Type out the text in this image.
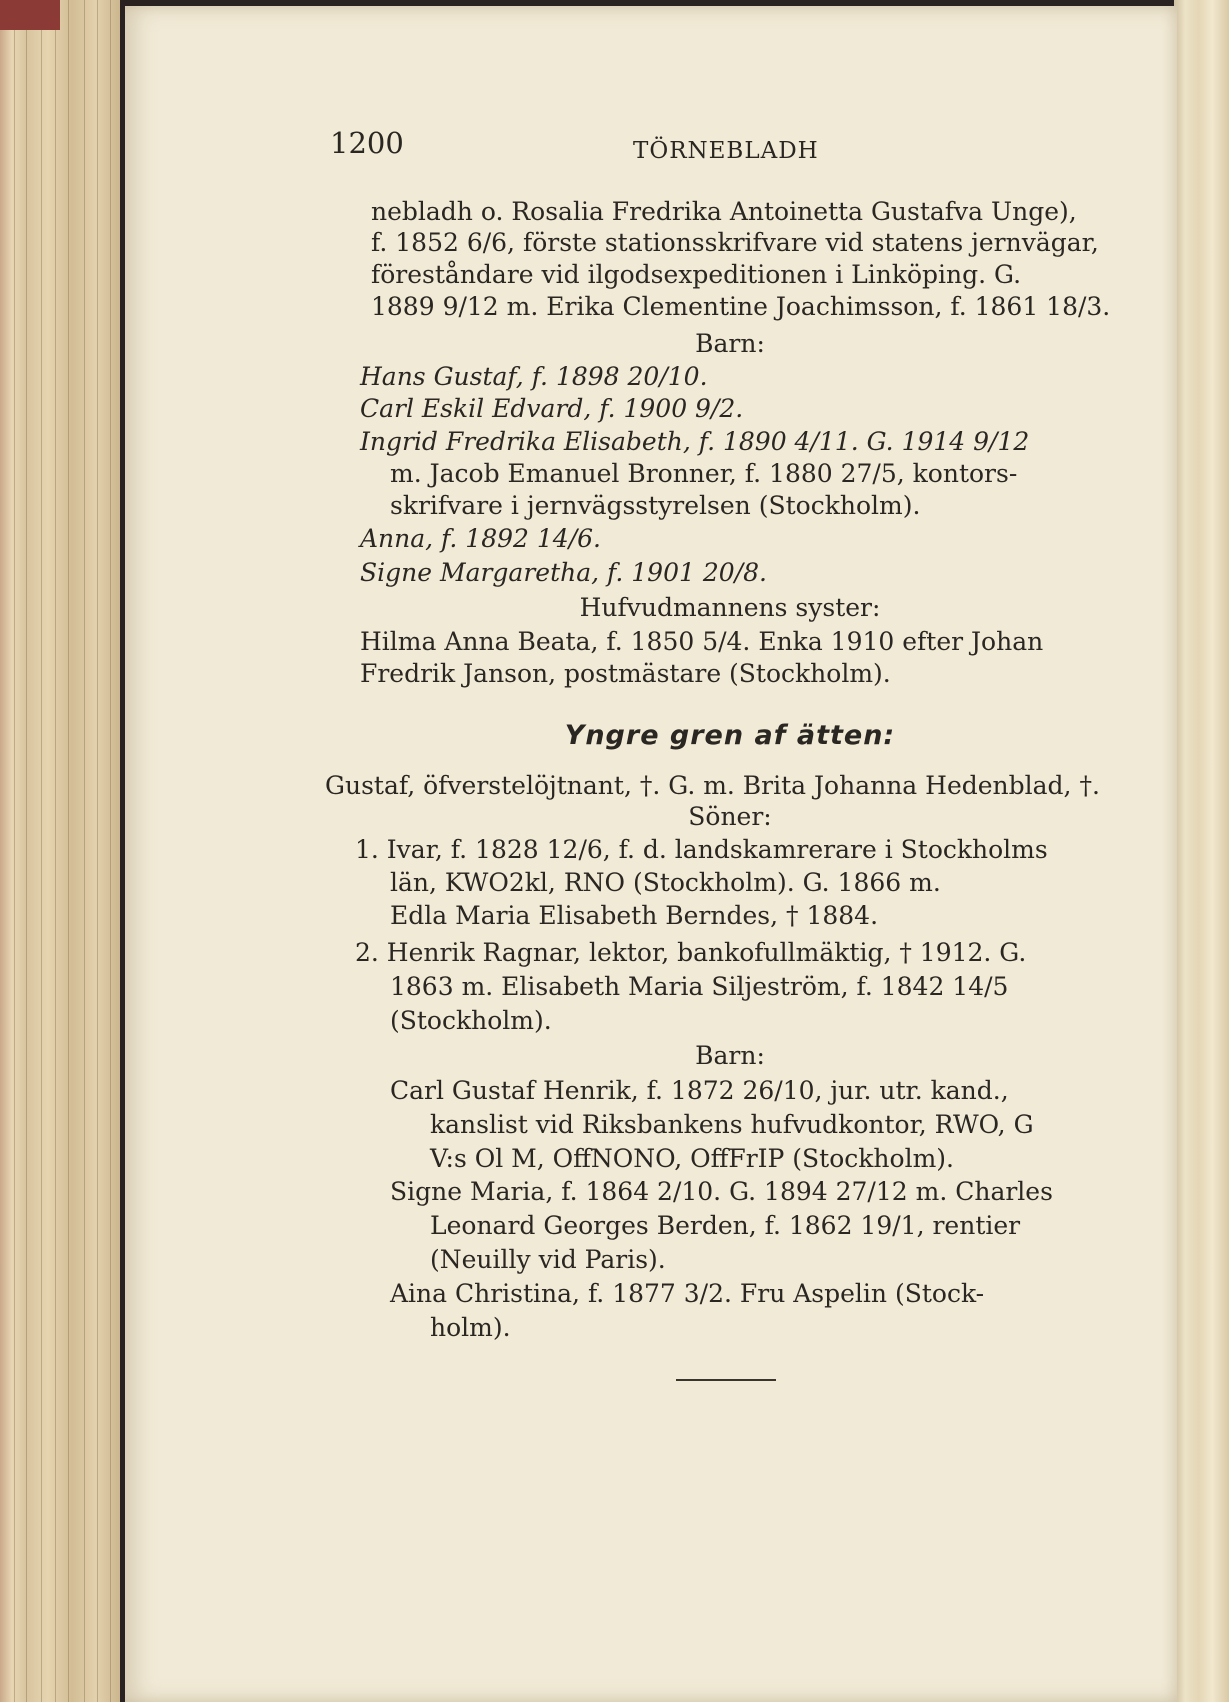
1200	TÖRNEBLADH
nebladh o. Rosalia Fredrika Antoinetta Gustafva Unge),
f. 1852 6/6, förste stationsskrifvare vid statens jernvägar,
föreståndare vid ilgodsexpeditionen i Linköping. G.
1889 9/12 m. Erika Clementine Joachimsson, f. 1861 18/3.
Barn:
Hans Gustaf, f. 1898 20/10.
Carl Eskil Edvard, f. 1900 9/2.
Ingrid Fredrika Elisabeth, f. 1890 4/11. G. 1914 9/12
m. Jacob Emanuel Bronner, f. 1880 27/5, kontors-
skrifvare i jernvägsstyrelsen (Stockholm).
Anna, f. 1892 14/6.
Signe Margaretha, f. 1901 20/8.
Hufvudmannens syster:
Hilma Anna Beata, f. 1850 5/4. Enka 1910 efter Johan
Fredrik Janson, postmästare (Stockholm).
Yngre gren af ätten:
Gustaf, öfverstelöjtnant, †. G. m. Brita Johanna Hedenblad, †.
Söner:
1. Ivar, f. 1828 12/6, f. d. landskamrerare i Stockholms
län, KWO2kl, RNO (Stockholm). G. 1866 m.
Edla Maria Elisabeth Berndes, † 1884.
2. Henrik Ragnar, lektor, bankofullmäktig, † 1912. G.
1863 m. Elisabeth Maria Siljeström, f. 1842 14/5
(Stockholm).
Barn:
Carl Gustaf Henrik, f. 1872 26/10, jur. utr. kand.,
kanslist vid Riksbankens hufvudkontor, RWO, G
V:s Ol M, OffNONO, OffFrIP (Stockholm).
Signe Maria, f. 1864 2/10. G. 1894 27/12 m. Charles
Leonard Georges Berden, f. 1862 19/1, rentier
(Neuilly vid Paris).
Aina Christina, f. 1877 3/2. Fru Aspelin (Stock-
holm).
